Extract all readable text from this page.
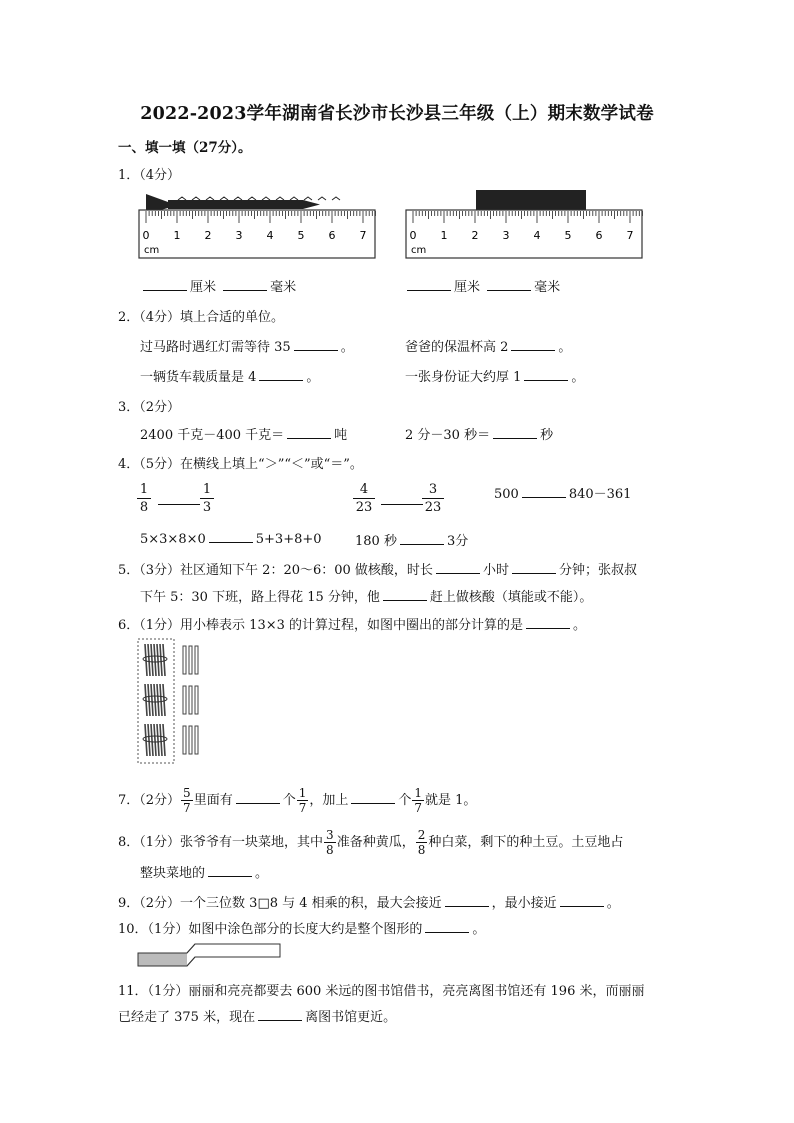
2022-2023学年湖南省长沙市长沙县三年级（上）期末数学试卷
一、填一填（27分）。
1．（4分）
0 1 2 3 4 5 6 7
cm
0 1 2 3 4 5 6 7
cm
厘米	毫米	厘米	毫米
2．（4分）填上合适的单位。
过马路时遇红灯需等待 35	。	爸爸的保温杯高 2	。
一辆货车载质量是 4	。	一张身份证大约厚 1	。
3．（2分）
2400 千克－400 千克＝	吨	2 分－30 秒＝	秒
4．（5分）在横线上填上“＞”“＜”或“＝”。
1
8
1
3
4
23
3
23
500	840－361
5×3×8×0	5+3+8+0	180 秒	3分
5．（3分）社区通知下午 2：20～6：00 做核酸，时长	小时	分钟；张叔叔
下午 5：30 下班，路上得花 15 分钟，他	赶上做核酸（填能或不能）。
6．（1分）用小棒表示 13×3 的计算过程，如图中圈出的部分计算的是	。
7．（2分） $\frac{5}{7}$ 里面有	个 $\frac{1}{7}$ ，加上	个 $\frac{1}{7}$ 就是 1。
8．（1分）张爷爷有一块菜地，其中 $\frac{3}{8}$ 准备种黄瓜， $\frac{2}{8}$ 种白菜，剩下的种土豆。土豆地占
整块菜地的	。
9．（2分）一个三位数 3□8 与 4 相乘的积，最大会接近	，最小接近	。
10．（1分）如图中涂色部分的长度大约是整个图形的	。
11．（1分）丽丽和亮亮都要去 600 米远的图书馆借书，亮亮离图书馆还有 196 米，而丽丽
已经走了 375 米，现在	离图书馆更近。
